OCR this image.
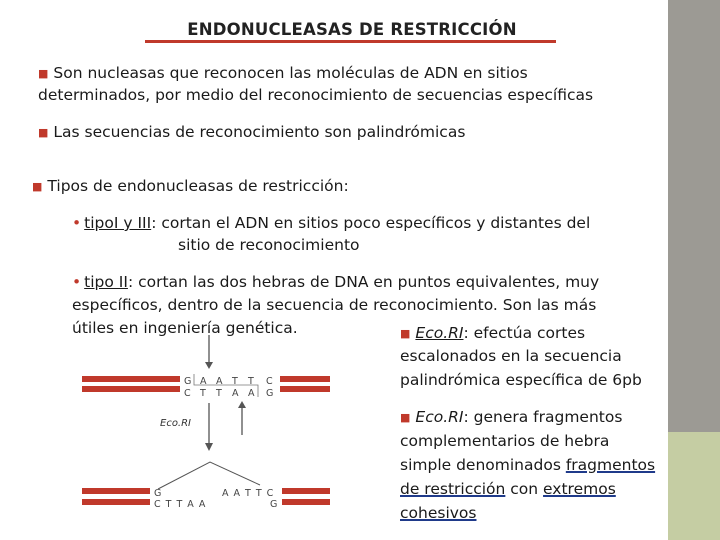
ENDONUCLEASAS DE RESTRICCIÓN
■ Son nucleasas que reconocen las moléculas de ADN en sitios
determinados, por medio del reconocimiento de secuencias específicas
■ Las secuencias de reconocimiento son palindrómicas
■ Tipos de endonucleasas de restricción:
• tipoI y III: cortan el ADN en sitios poco específicos y distantes del
sitio de reconocimiento
• tipo II: cortan las dos hebras de DNA en puntos equivalentes, muy
específicos, dentro de la secuencia de reconocimiento. Son las más
útiles en ingeniería genética.	■ Eco.RI: efectúa cortes
escalonados en la secuencia
palindrómica específica de 6pb
■ Eco.RI: genera fragmentos
complementarios de hebra
simple denominados fragmentos
de restricción con extremos
cohesivos
G A A T T C
C T T A A G
Eco.RI
G
C T T A A
A A T T C
G
